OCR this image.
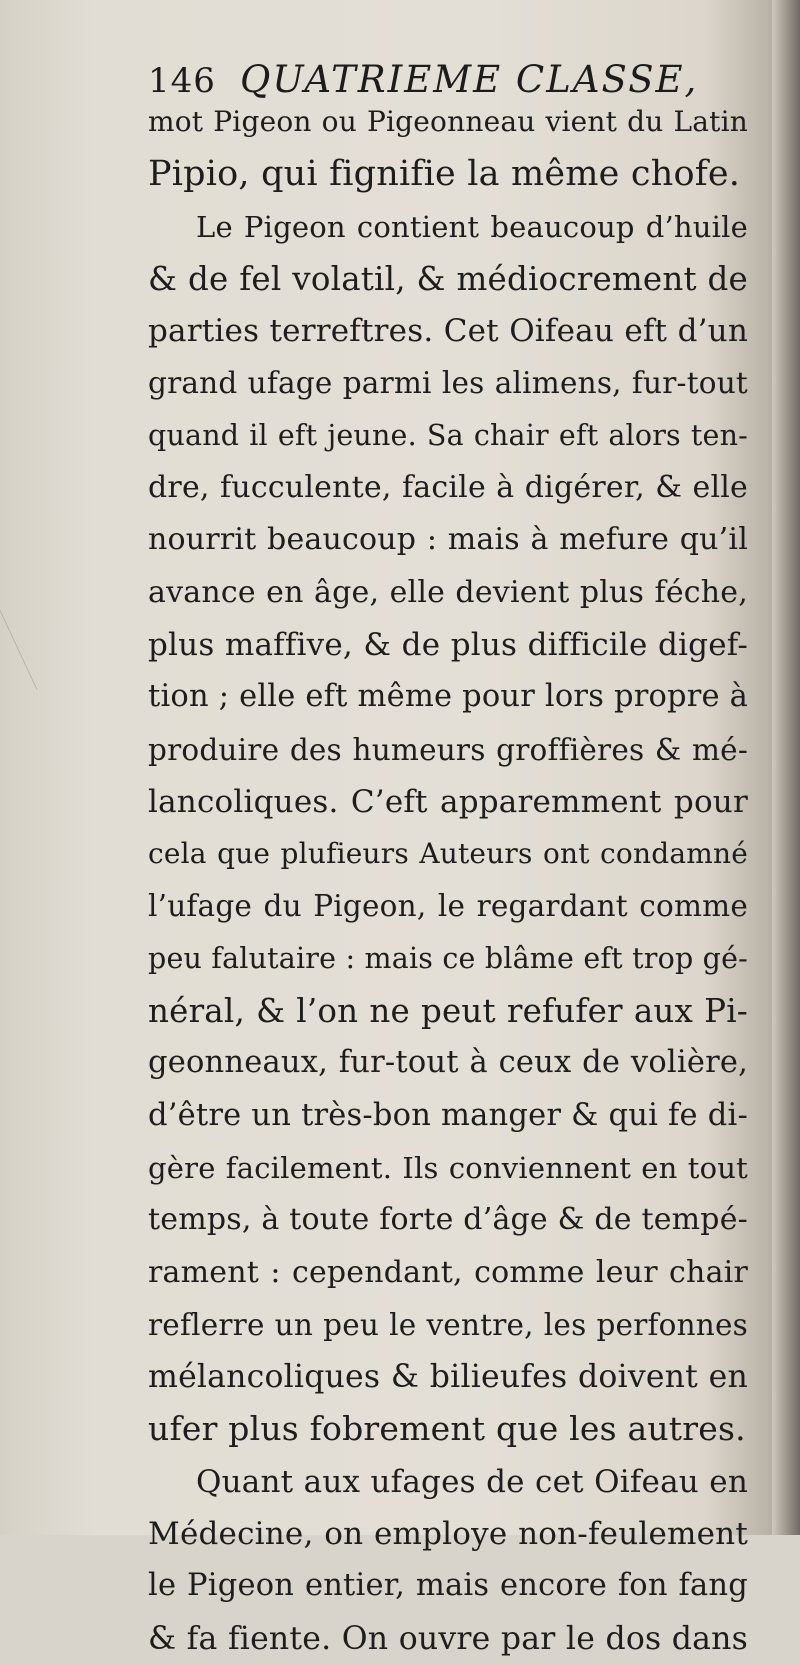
146 QUATRIEME CLASSE,
mot Pigeon ou Pigeonneau vient du Latin
Pipio, qui fignifie la même chofe.
Le Pigeon contient beaucoup d’huile
& de fel volatil, & médiocrement de
parties terreftres. Cet Oifeau eft d’un
grand ufage parmi les alimens, fur-tout
quand il eft jeune. Sa chair eft alors ten-
dre, fucculente, facile à digérer, & elle
nourrit beaucoup : mais à mefure qu’il
avance en âge, elle devient plus féche,
plus maffive, & de plus difficile digef-
tion ; elle eft même pour lors propre à
produire des humeurs groffières & mé-
lancoliques. C’eft apparemment pour
cela que plufieurs Auteurs ont condamné
l’ufage du Pigeon, le regardant comme
peu falutaire : mais ce blâme eft trop gé-
néral, & l’on ne peut refufer aux Pi-
geonneaux, fur-tout à ceux de volière,
d’être un très-bon manger & qui fe di-
gère facilement. Ils conviennent en tout
temps, à toute forte d’âge & de tempé-
rament : cependant, comme leur chair
reflerre un peu le ventre, les perfonnes
mélancoliques & bilieufes doivent en
ufer plus fobrement que les autres.
Quant aux ufages de cet Oifeau en
Médecine, on employe non-feulement
le Pigeon entier, mais encore fon fang
& fa fiente. On ouvre par le dos dans
